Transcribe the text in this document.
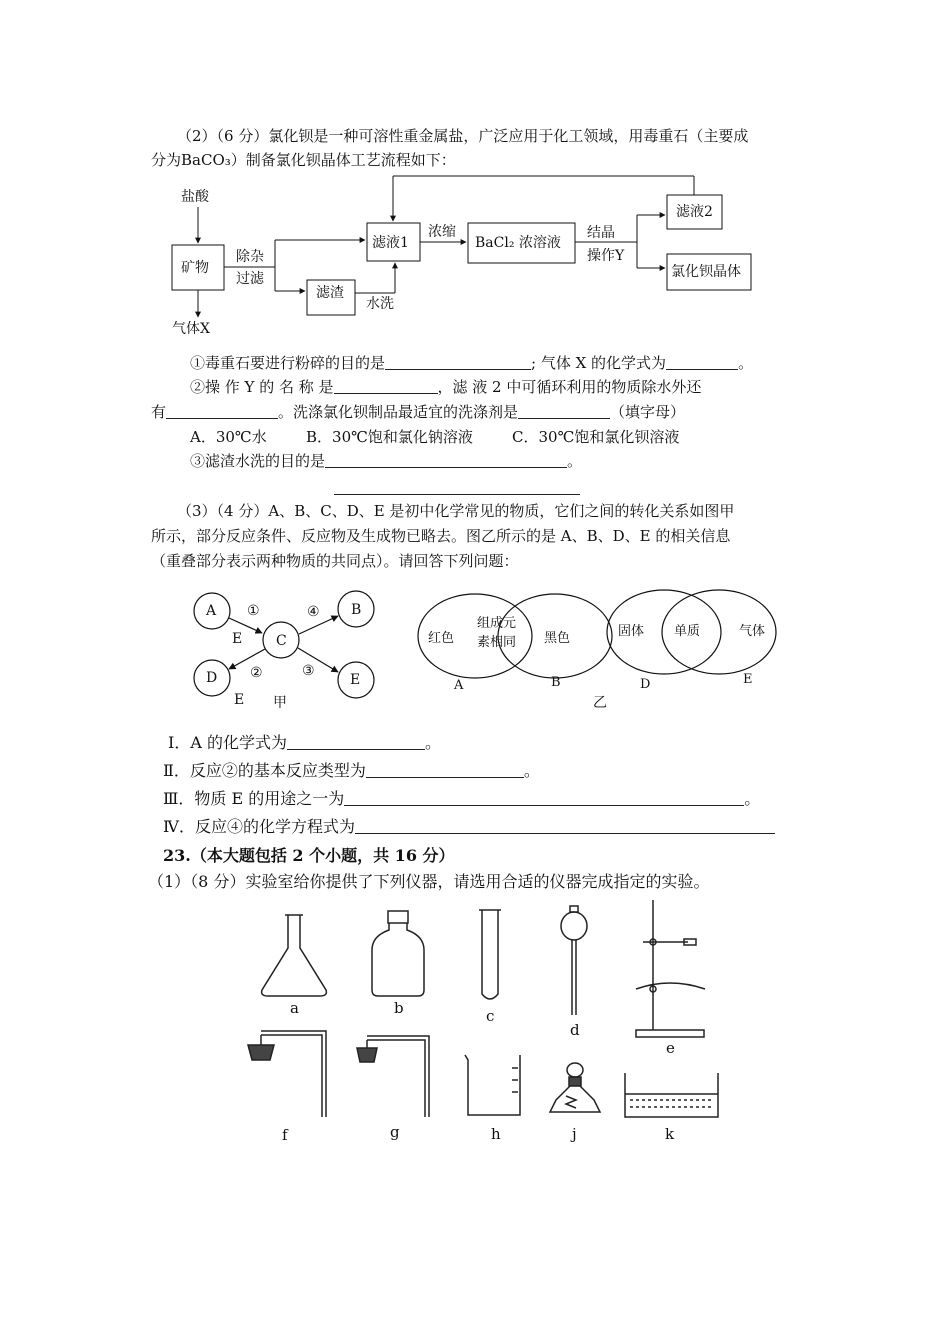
（2）（6 分）氯化钡是一种可溶性重金属盐，广泛应用于化工领域，用毒重石（主要成
分为BaCO₃）制备氯化钡晶体工艺流程如下：
盐酸
矿物
气体X
除杂
过滤
滤渣
水洗
滤液1
浓缩
BaCl₂ 浓溶液
结晶
操作Y
滤液2
氯化钡晶体
①毒重石要进行粉碎的目的是	; 气体 X 的化学式为	。
②操 作 Y 的 名 称 是	，滤 液 2 中可循环利用的物质除水外还
有	。洗涤氯化钡制品最适宜的洗涤剂是	（填字母）
A．30℃水	B．30℃饱和氯化钠溶液	C．30℃饱和氯化钡溶液
③滤渣水洗的目的是	。
（3）（4 分）A、B、C、D、E 是初中化学常见的物质，它们之间的转化关系如图甲
所示，部分反应条件、反应物及生成物已略去。图乙所示的是 A、B、D、E 的相关信息
（重叠部分表示两种物质的共同点）。请回答下列问题：
A
C
B
D	E
①
E
④
②	③
E 甲
红色
组成元
素相同 黑色
A	B
固体 单质	气体
D	E
乙
Ⅰ．A 的化学式为	。
Ⅱ．反应②的基本反应类型为	。
Ⅲ．物质 E 的用途之一为	。
Ⅳ．反应④的化学方程式为
23.（本大题包括 2 个小题，共 16 分）
（1）（8 分）实验室给你提供了下列仪器，请选用合适的仪器完成指定的实验。
a	b	c
d
e
f	g	h	j	k
